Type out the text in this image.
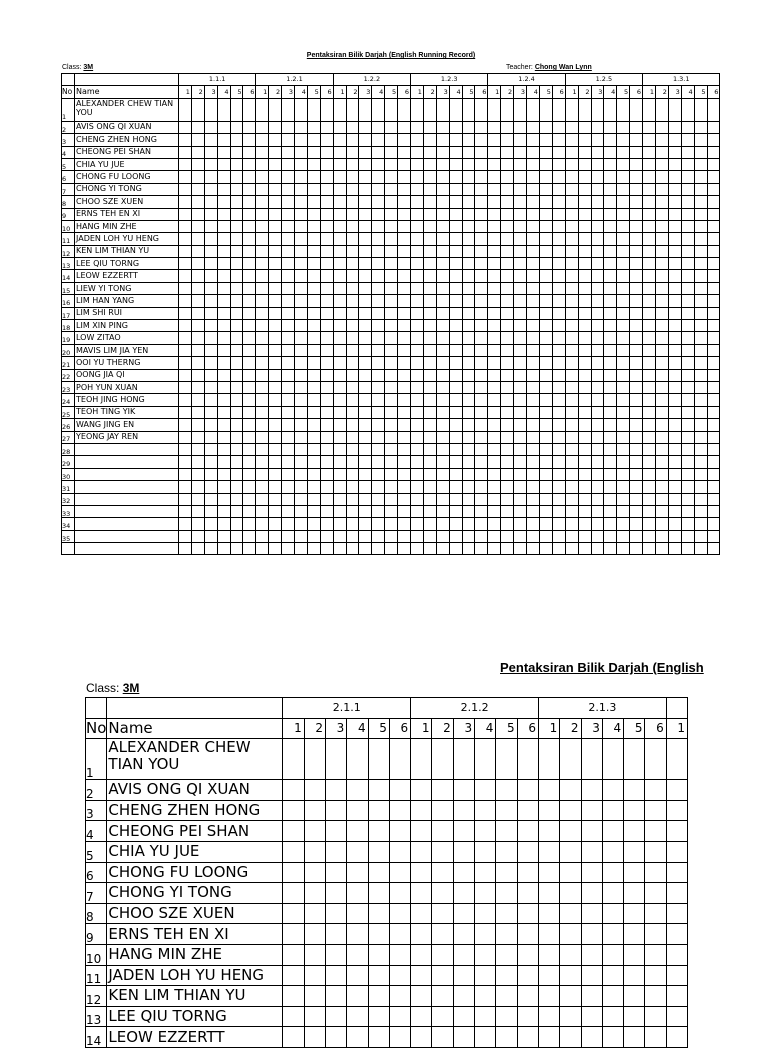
Pentaksiran Bilik Darjah (English Running Record)
Class: 3M	Teacher: Chong Wan Lynn
		1.1.1						1.2.1						1.2.2						1.2.3						1.2.4						1.2.5						1.3.1					
No	Name	1	2	3	4	5	6	1	2	3	4	5	6	1	2	3	4	5	6	1	2	3	4	5	6	1	2	3	4	5	6	1	2	3	4	5	6	1	2	3	4	5	6
1	ALEXANDER CHEW TIAN YOU																																										
2	AVIS ONG QI XUAN																																										
3	CHENG ZHEN HONG																																										
4	CHEONG PEI SHAN																																										
5	CHIA YU JUE																																										
6	CHONG FU LOONG																																										
7	CHONG YI TONG																																										
8	CHOO SZE XUEN																																										
9	ERNS TEH EN XI																																										
10	HANG MIN ZHE																																										
11	JADEN LOH YU HENG																																										
12	KEN LIM THIAN YU																																										
13	LEE QIU TORNG																																										
14	LEOW EZZERTT																																										
15	LIEW YI TONG																																										
16	LIM HAN YANG																																										
17	LIM SHI RUI																																										
18	LIM XIN PING																																										
19	LOW ZITAO																																										
20	MAVIS LIM JIA YEN																																										
21	OOI YU THERNG																																										
22	OONG JIA QI																																										
23	POH YUN XUAN																																										
24	TEOH JING HONG																																										
25	TEOH TING YIK																																										
26	WANG JING EN																																										
27	YEONG JAY REN																																										
28																																											
29																																											
30																																											
31																																											
32																																											
33																																											
34																																											
35																																											

Pentaksiran Bilik Darjah (English
Class: 3M
		2.1.1						2.1.2						2.1.3						
No	Name	1	2	3	4	5	6	1	2	3	4	5	6	1	2	3	4	5	6	1
1	ALEXANDER CHEW TIAN YOU																			
2	AVIS ONG QI XUAN																			
3	CHENG ZHEN HONG																			
4	CHEONG PEI SHAN																			
5	CHIA YU JUE																			
6	CHONG FU LOONG																			
7	CHONG YI TONG																			
8	CHOO SZE XUEN																			
9	ERNS TEH EN XI																			
10	HANG MIN ZHE																			
11	JADEN LOH YU HENG																			
12	KEN LIM THIAN YU																			
13	LEE QIU TORNG																			
14	LEOW EZZERTT																			
